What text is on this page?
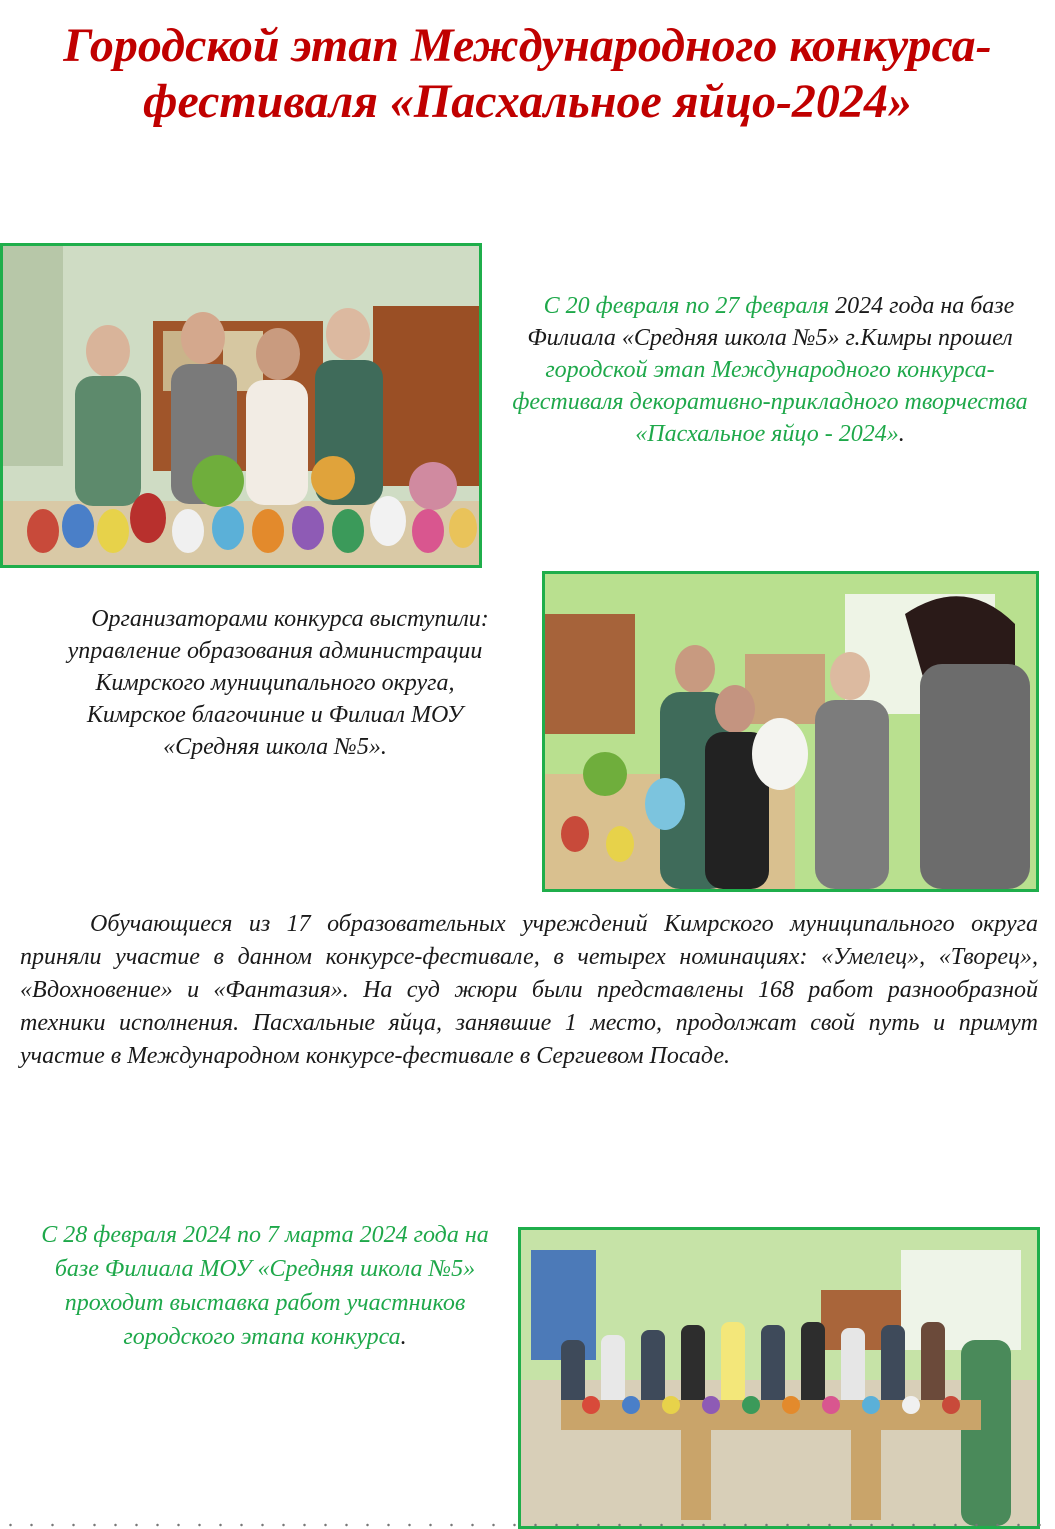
Городской этап Международного конкурса-фестиваля «Пасхальное яйцо-2024»

С 20 февраля по 27 февраля 2024 года на базе Филиала «Средняя школа №5» г.Кимры прошел городской этап Международного конкурса-фестиваля декоративно-прикладного творчества «Пасхальное яйцо - 2024».

Организаторами конкурса выступили: управление образования администрации Кимрского муниципального округа, Кимрское благочиние и Филиал МОУ «Средняя школа №5».

Обучающиеся из 17 образовательных учреждений Кимрского муниципального округа приняли участие в данном конкурсе-фестивале, в четырех номинациях: «Умелец», «Творец», «Вдохновение» и «Фантазия». На суд жюри были представлены 168 работ разнообразной техники исполнения. Пасхальные яйца, занявшие 1 место, продолжат свой путь и примут участие в Международном конкурсе-фестивале в Сергиевом Посаде.

С 28 февраля 2024 по 7 марта 2024 года на базе Филиала МОУ «Средняя школа №5» проходит выставка работ участников городского этапа конкурса.
